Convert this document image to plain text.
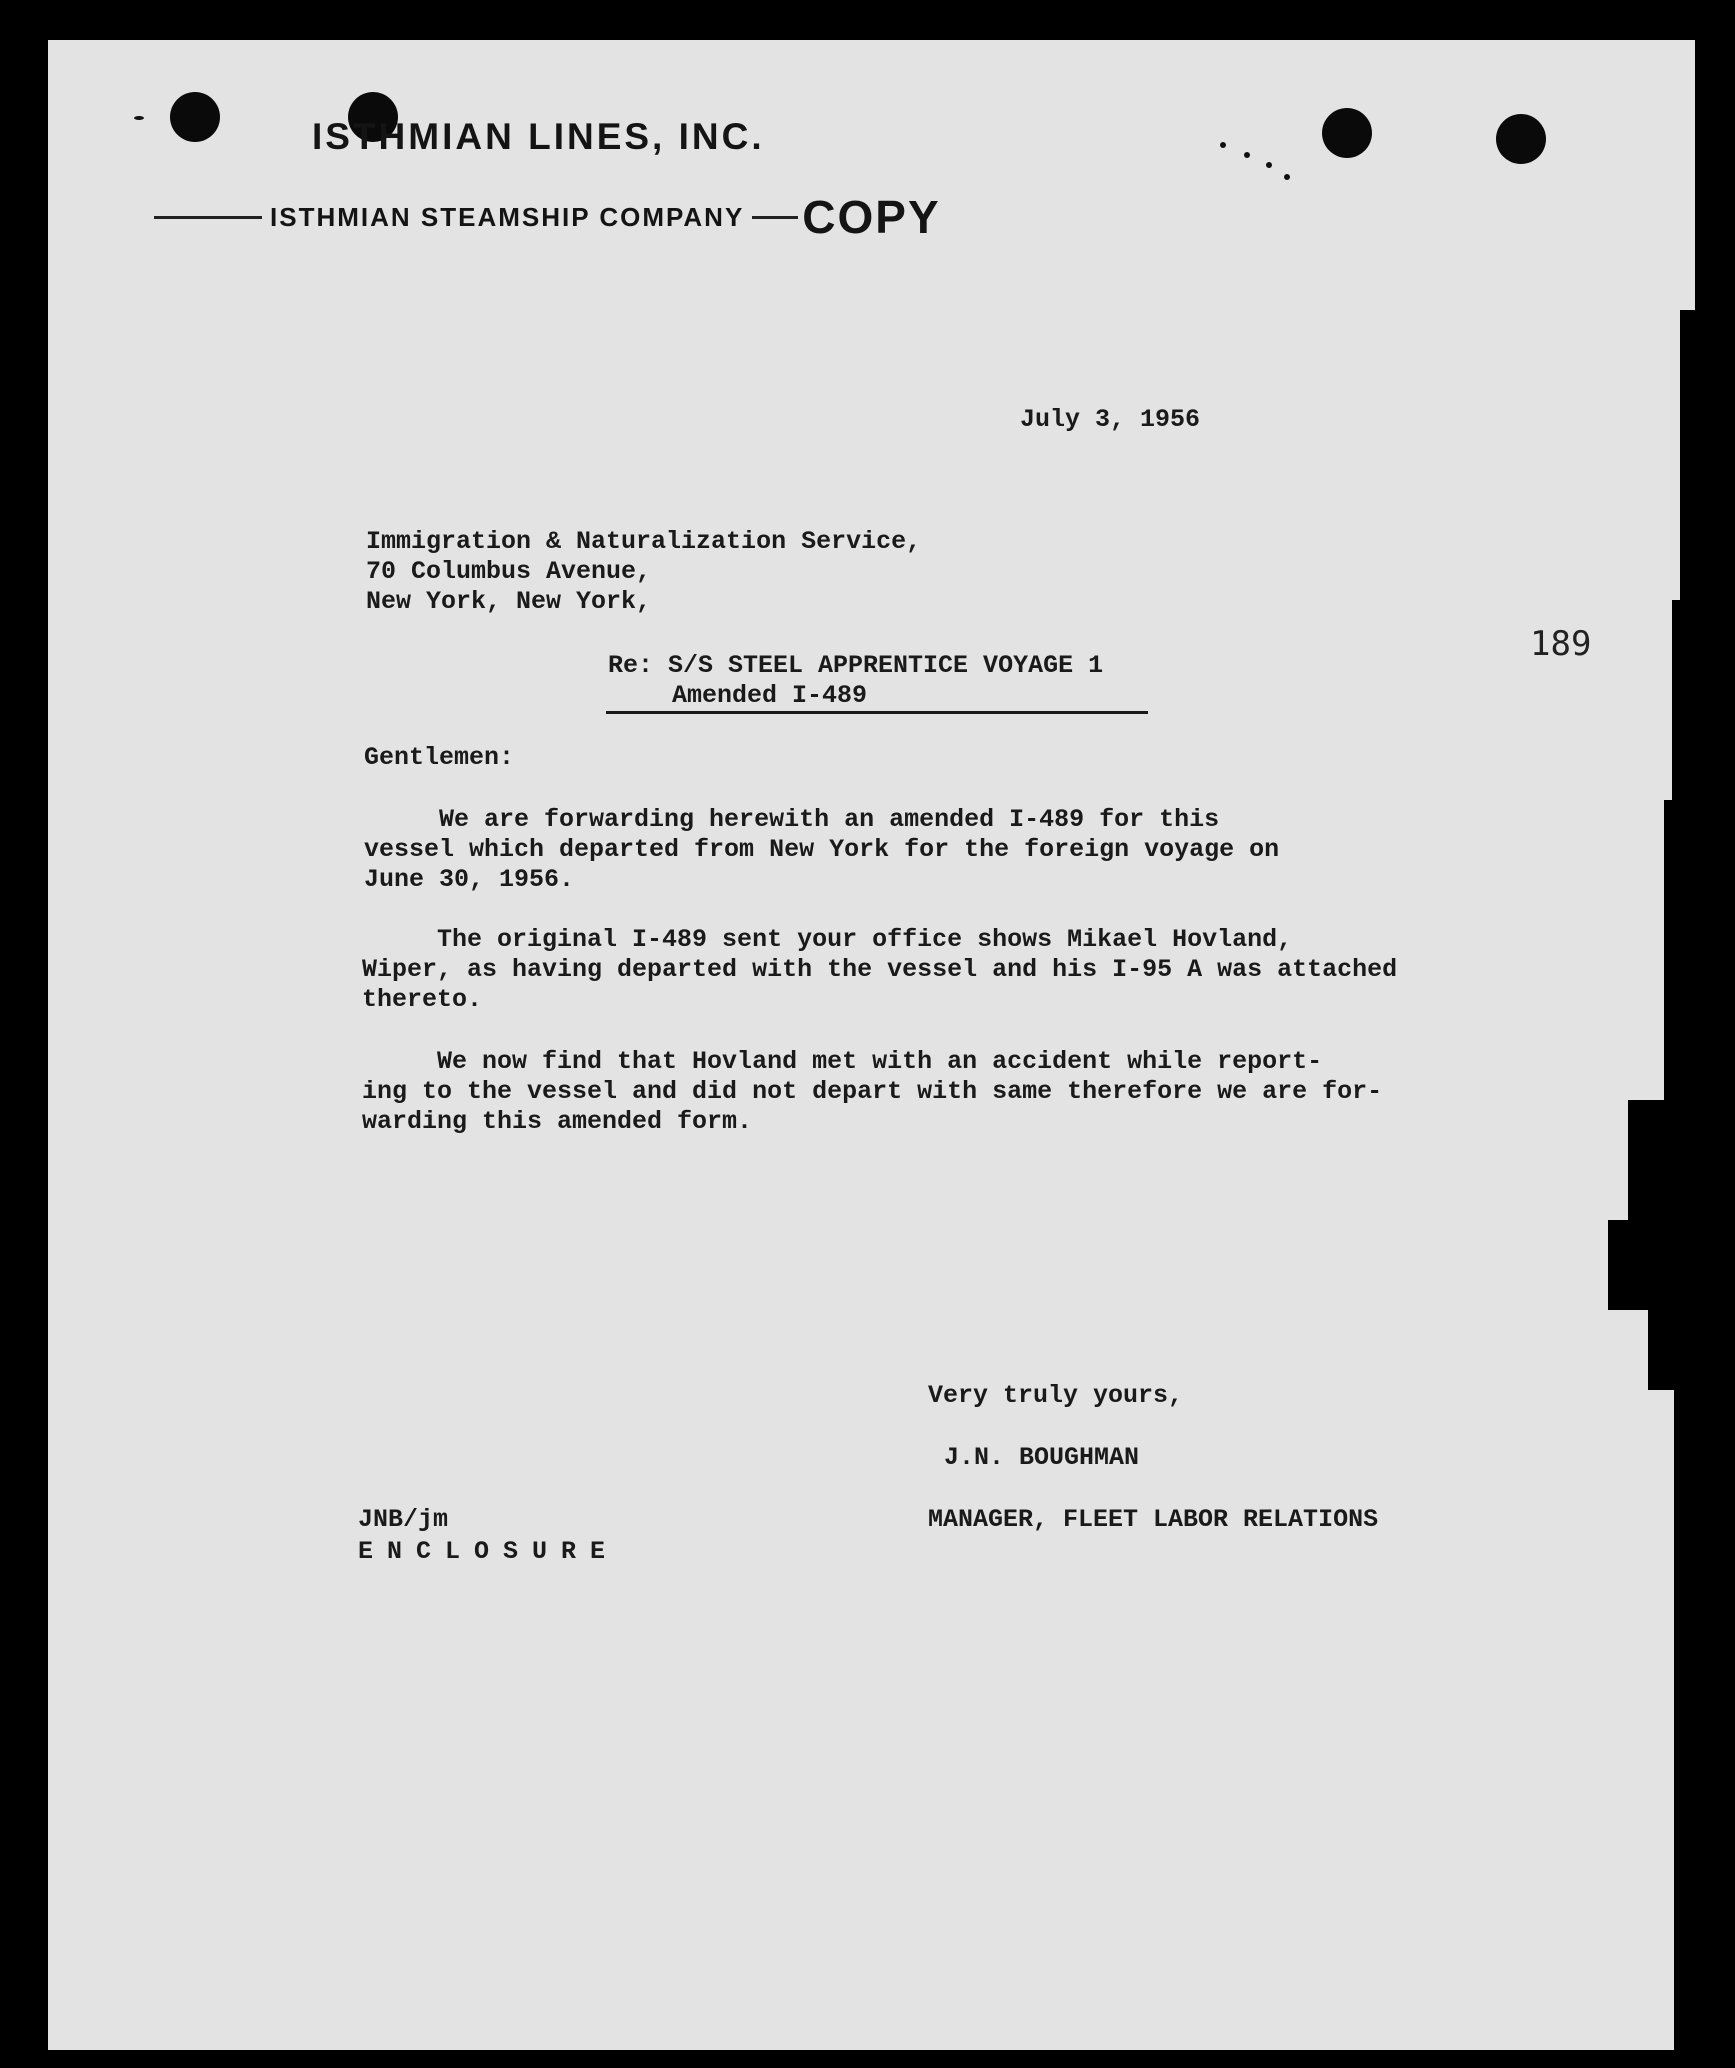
ISTHMIAN LINES, INC.
ISTHMIAN STEAMSHIP COMPANY COPY
189
July 3, 1956
Immigration & Naturalization Service,
70 Columbus Avenue,
New York, New York,
Re: S/S STEEL APPRENTICE VOYAGE 1
Amended I-489
Gentlemen:
We are forwarding herewith an amended I-489 for this
vessel which departed from New York for the foreign voyage on
June 30, 1956.
The original I-489 sent your office shows Mikael Hovland,
Wiper, as having departed with the vessel and his I-95 A was attached
thereto.
We now find that Hovland met with an accident while report-
ing to the vessel and did not depart with same therefore we are for-
warding this amended form.
Very truly yours,
J.N. BOUGHMAN
MANAGER, FLEET LABOR RELATIONS
JNB/jm
ENCLOSURE
